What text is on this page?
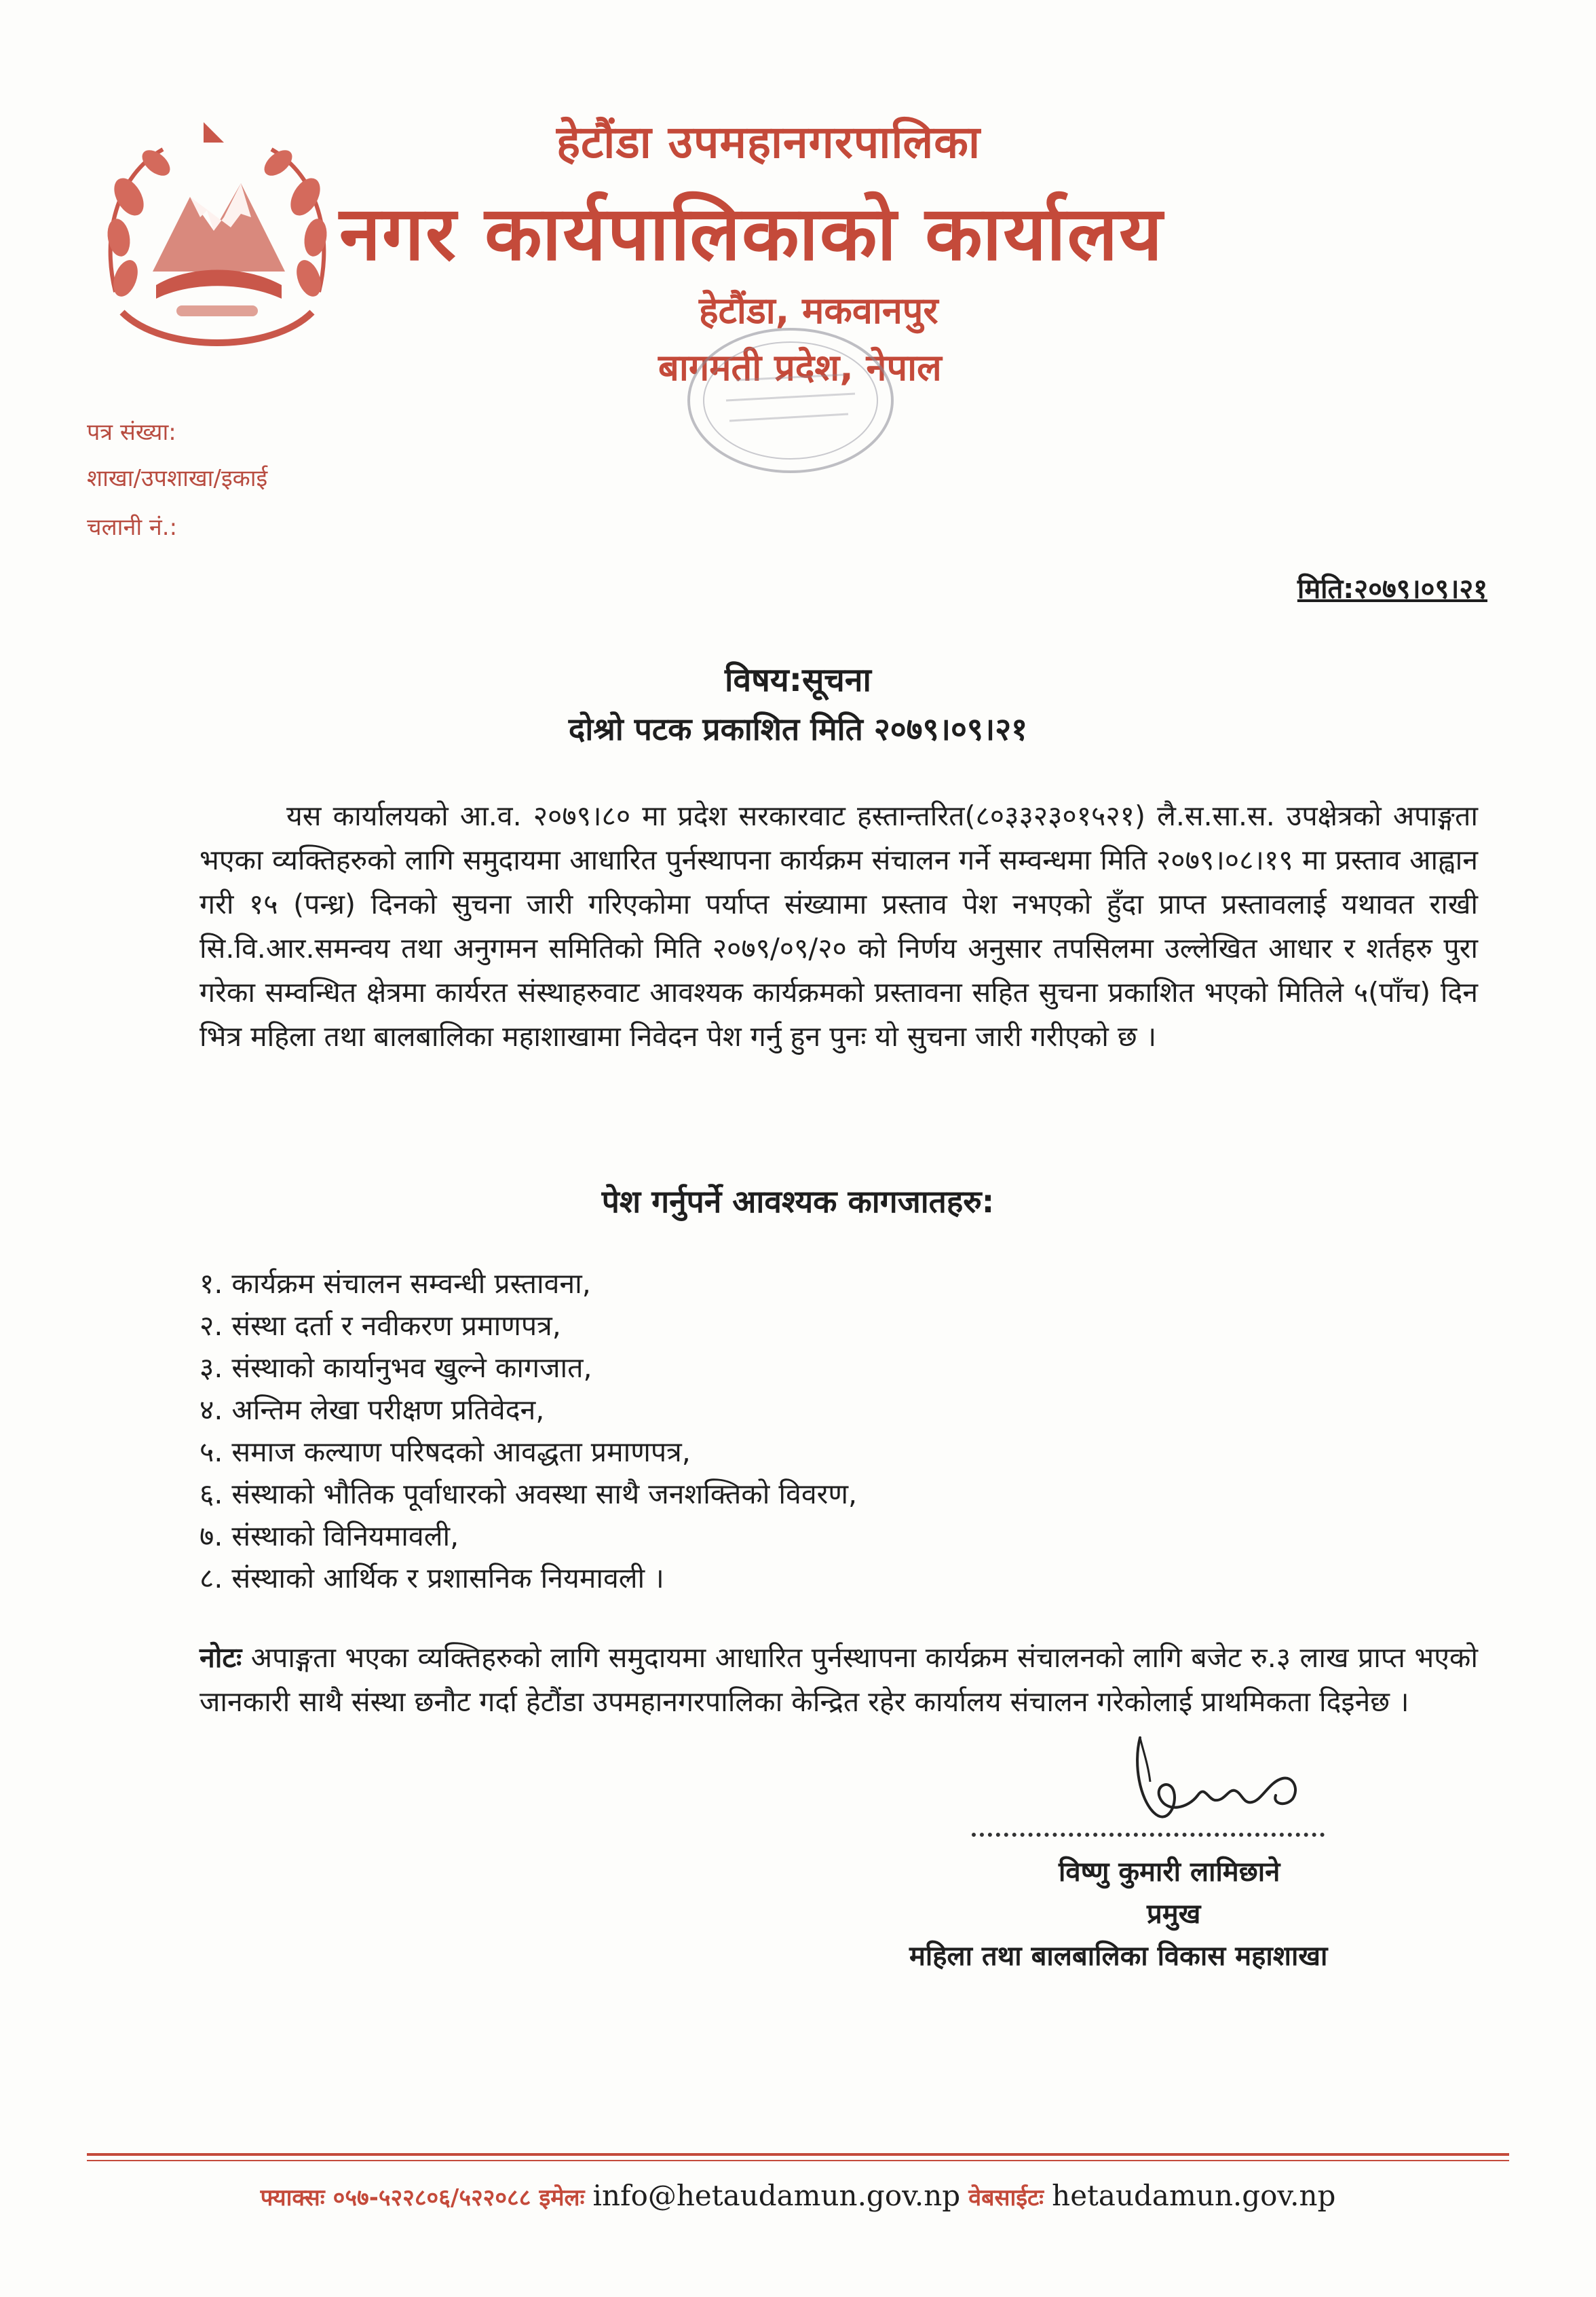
हेटौंडा उपमहानगरपालिका
नगर कार्यपालिकाको कार्यालय
हेटौंडा, मकवानपुर
बागमती प्रदेश, नेपाल
पत्र संख्या:
शाखा/उपशाखा/इकाई
चलानी नं.:
मिति:२०७९।०९।२१
विषय:सूचना
दोश्रो पटक प्रकाशित मिति २०७९।०९।२१
यस कार्यालयको आ.व. २०७९।८० मा प्रदेश सरकारवाट हस्तान्तरित(८०३३२३०१५२१) लै.स.सा.स. उपक्षेत्रको अपाङ्गता भएका व्यक्तिहरुको लागि समुदायमा आधारित पुर्नस्थापना कार्यक्रम संचालन गर्ने सम्वन्धमा मिति २०७९।०८।१९ मा प्रस्ताव आह्वान गरी १५ (पन्ध्र) दिनको सुचना जारी गरिएकोमा पर्याप्त संख्यामा प्रस्ताव पेश नभएको हुँदा प्राप्त प्रस्तावलाई यथावत राखी सि.वि.आर.समन्वय तथा अनुगमन समितिको मिति २०७९/०९/२० को निर्णय अनुसार तपसिलमा उल्लेखित आधार र शर्तहरु पुरा गरेका सम्वन्धित क्षेत्रमा कार्यरत संस्थाहरुवाट आवश्यक कार्यक्रमको प्रस्तावना सहित सुचना प्रकाशित भएको मितिले ५(पाँच) दिन भित्र महिला तथा बालबालिका महाशाखामा निवेदन पेश गर्नु हुन पुनः यो सुचना जारी गरीएको छ ।
पेश गर्नुपर्ने आवश्यक कागजातहरु:
१. कार्यक्रम संचालन सम्वन्धी प्रस्तावना,
२. संस्था दर्ता र नवीकरण प्रमाणपत्र,
३. संस्थाको कार्यानुभव खुल्ने कागजात,
४. अन्तिम लेखा परीक्षण प्रतिवेदन,
५. समाज कल्याण परिषदको आवद्धता प्रमाणपत्र,
६. संस्थाको भौतिक पूर्वाधारको अवस्था साथै जनशक्तिको विवरण,
७. संस्थाको विनियमावली,
८. संस्थाको आर्थिक र प्रशासनिक नियमावली ।
नोटः अपाङ्गता भएका व्यक्तिहरुको लागि समुदायमा आधारित पुर्नस्थापना कार्यक्रम संचालनको लागि बजेट रु.३ लाख प्राप्त भएको जानकारी साथै संस्था छनौट गर्दा हेटौंडा उपमहानगरपालिका केन्द्रित रहेर कार्यालय संचालन गरेकोलाई प्राथमिकता दिइनेछ ।
विष्णु कुमारी लामिछाने
प्रमुख
महिला तथा बालबालिका विकास महाशाखा
फ्याक्सः ०५७-५२२८०६/५२२०८८ इमेलः info@hetaudamun.gov.np वेबसाईटः hetaudamun.gov.np
